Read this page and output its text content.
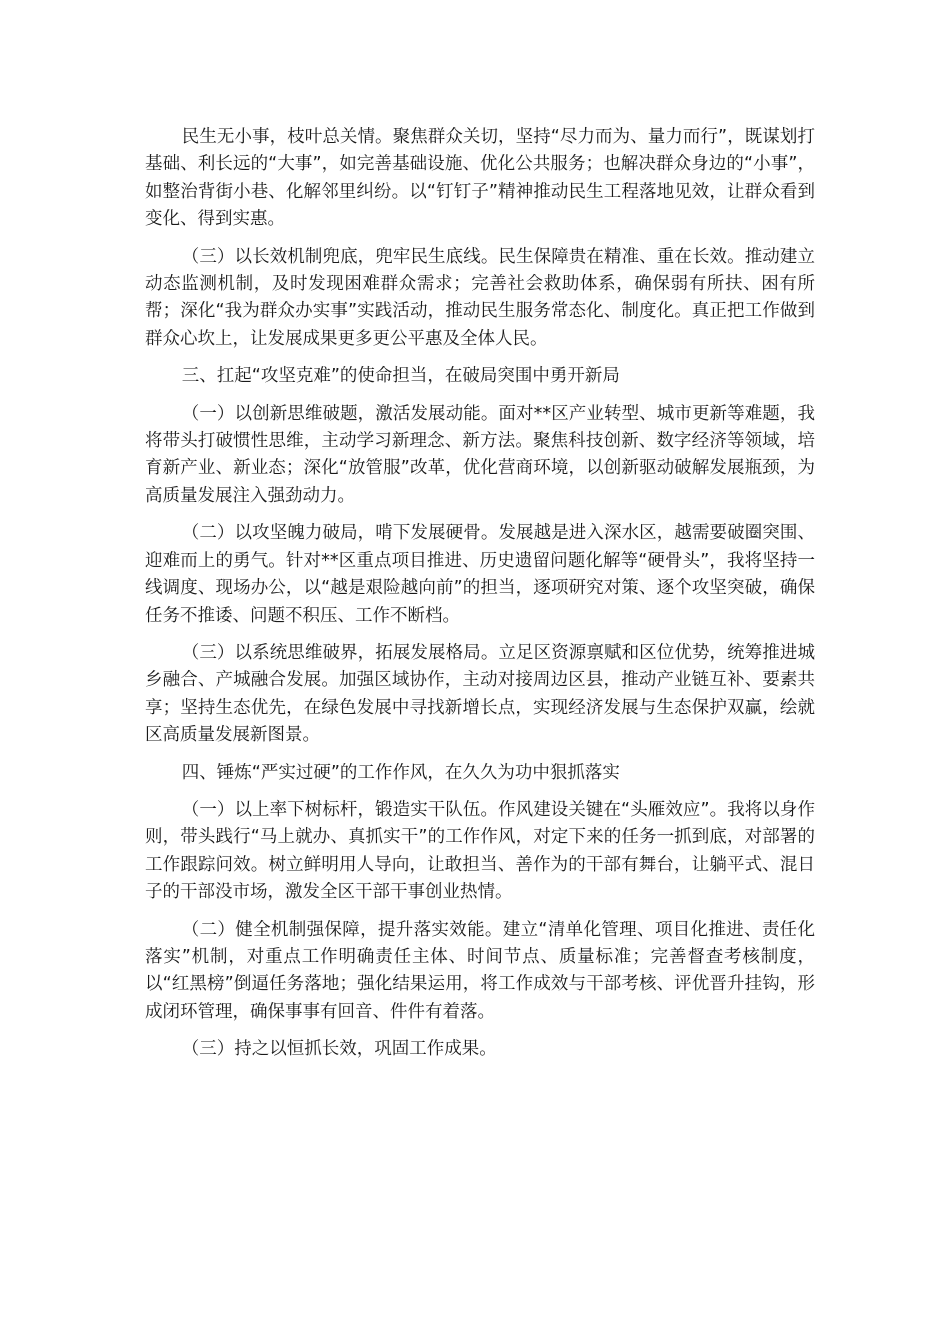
民生无小事，枝叶总关情。聚焦群众关切，坚持“尽力而为、量力而行”，既谋划打基础、利长远的“大事”，如完善基础设施、优化公共服务；也解决群众身边的“小事”，如整治背街小巷、化解邻里纠纷。以“钉钉子”精神推动民生工程落地见效，让群众看到变化、得到实惠。

（三）以长效机制兜底，兜牢民生底线。民生保障贵在精准、重在长效。推动建立动态监测机制，及时发现困难群众需求；完善社会救助体系，确保弱有所扶、困有所帮；深化“我为群众办实事”实践活动，推动民生服务常态化、制度化。真正把工作做到群众心坎上，让发展成果更多更公平惠及全体人民。

三、扛起“攻坚克难”的使命担当，在破局突围中勇开新局

（一）以创新思维破题，激活发展动能。面对**区产业转型、城市更新等难题，我将带头打破惯性思维，主动学习新理念、新方法。聚焦科技创新、数字经济等领域，培育新产业、新业态；深化“放管服”改革，优化营商环境，以创新驱动破解发展瓶颈，为高质量发展注入强劲动力。

（二）以攻坚魄力破局，啃下发展硬骨。发展越是进入深水区，越需要破圈突围、迎难而上的勇气。针对**区重点项目推进、历史遗留问题化解等“硬骨头”，我将坚持一线调度、现场办公，以“越是艰险越向前”的担当，逐项研究对策、逐个攻坚突破，确保任务不推诿、问题不积压、工作不断档。

（三）以系统思维破界，拓展发展格局。立足区资源禀赋和区位优势，统筹推进城乡融合、产城融合发展。加强区域协作，主动对接周边区县，推动产业链互补、要素共享；坚持生态优先，在绿色发展中寻找新增长点，实现经济发展与生态保护双赢，绘就区高质量发展新图景。

四、锤炼“严实过硬”的工作作风，在久久为功中狠抓落实

（一）以上率下树标杆，锻造实干队伍。作风建设关键在“头雁效应”。我将以身作则，带头践行“马上就办、真抓实干”的工作作风，对定下来的任务一抓到底，对部署的工作跟踪问效。树立鲜明用人导向，让敢担当、善作为的干部有舞台，让躺平式、混日子的干部没市场，激发全区干部干事创业热情。

（二）健全机制强保障，提升落实效能。建立“清单化管理、项目化推进、责任化落实”机制，对重点工作明确责任主体、时间节点、质量标准；完善督查考核制度，以“红黑榜”倒逼任务落地；强化结果运用，将工作成效与干部考核、评优晋升挂钩，形成闭环管理，确保事事有回音、件件有着落。

（三）持之以恒抓长效，巩固工作成果。
